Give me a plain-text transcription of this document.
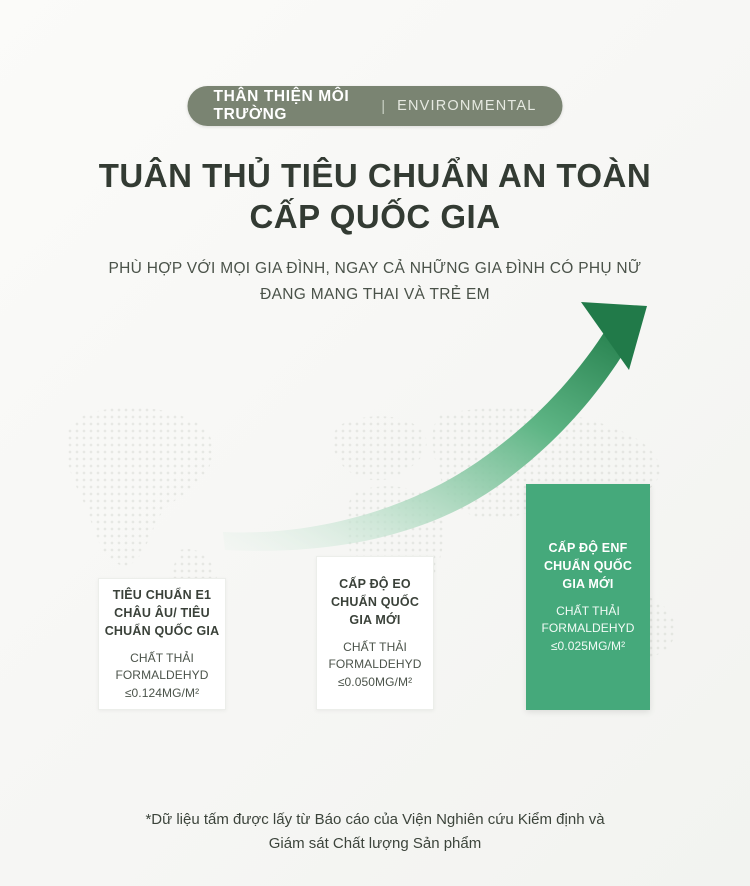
THÂN THIỆN MÔI TRƯỜNG	| ENVIRONMENTAL
TUÂN THỦ TIÊU CHUẨN AN TOÀN
CẤP QUỐC GIA
PHÙ HỢP VỚI MỌI GIA ĐÌNH, NGAY CẢ NHỮNG GIA ĐÌNH CÓ PHỤ NỮ
ĐANG MANG THAI VÀ TRẺ EM
TIÊU CHUẨN E1
CHÂU ÂU/ TIÊU
CHUẨN QUỐC GIA
CHẤT THẢI
FORMALDEHYD
≤0.124MG/M²
CẤP ĐỘ EO
CHUẨN QUỐC
GIA MỚI
CHẤT THẢI
FORMALDEHYD
≤0.050MG/M²
CẤP ĐỘ ENF
CHUẨN QUỐC
GIA MỚI
CHẤT THẢI
FORMALDEHYD
≤0.025MG/M²
*Dữ liệu tấm được lấy từ Báo cáo của Viện Nghiên cứu Kiểm định và
Giám sát Chất lượng Sản phẩm
